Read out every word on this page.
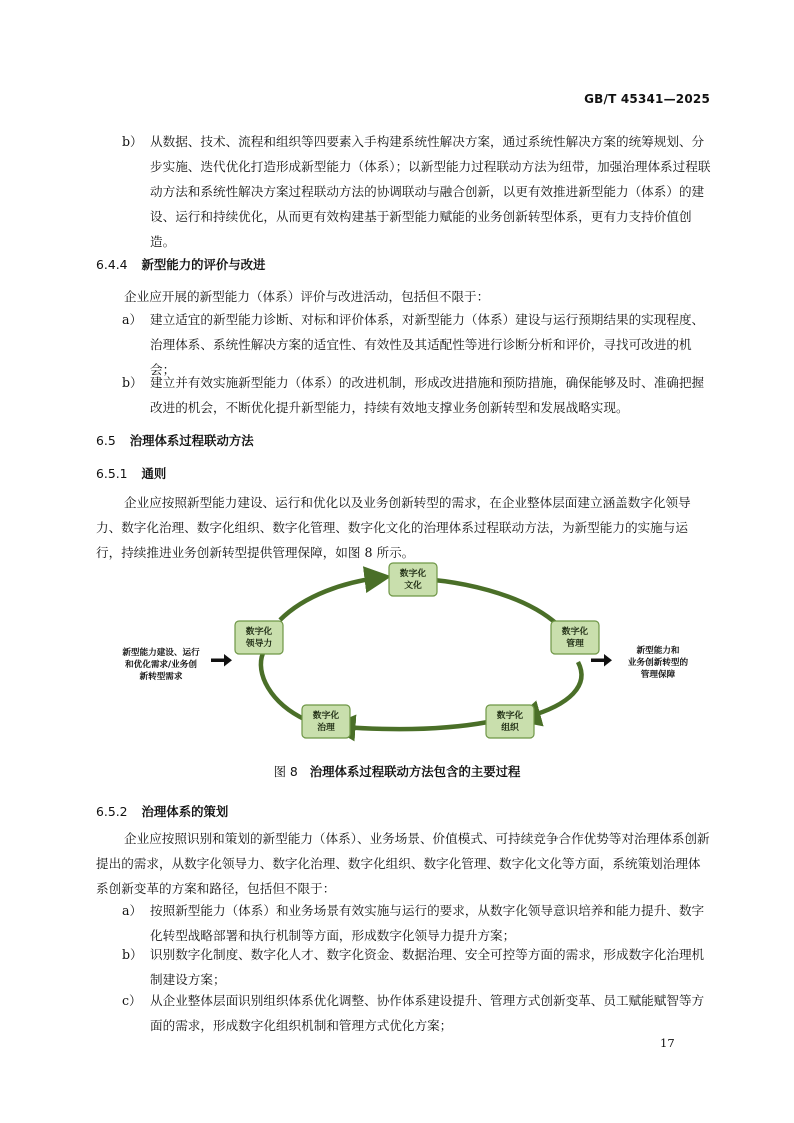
GB/T 45341—2025
b） 从数据、技术、流程和组织等四要素入手构建系统性解决方案，通过系统性解决方案的统筹规划、分步实施、迭代优化打造形成新型能力（体系）；以新型能力过程联动方法为纽带，加强治理体系过程联动方法和系统性解决方案过程联动方法的协调联动与融合创新，以更有效推进新型能力（体系）的建设、运行和持续优化，从而更有效构建基于新型能力赋能的业务创新转型体系，更有力支持价值创造。
6.4.4 新型能力的评价与改进
企业应开展的新型能力（体系）评价与改进活动，包括但不限于：
a） 建立适宜的新型能力诊断、对标和评价体系，对新型能力（体系）建设与运行预期结果的实现程度、治理体系、系统性解决方案的适宜性、有效性及其适配性等进行诊断分析和评价，寻找可改进的机会；
b） 建立并有效实施新型能力（体系）的改进机制，形成改进措施和预防措施，确保能够及时、准确把握改进的机会，不断优化提升新型能力，持续有效地支撑业务创新转型和发展战略实现。
6.5 治理体系过程联动方法
6.5.1 通则
企业应按照新型能力建设、运行和优化以及业务创新转型的需求，在企业整体层面建立涵盖数字化领导力、数字化治理、数字化组织、数字化管理、数字化文化的治理体系过程联动方法，为新型能力的实施与运行，持续推进业务创新转型提供管理保障，如图 8 所示。
数字化
文化
数字化
领导力
数字化
管理
数字化
治理
数字化
组织
新型能力建设、运行
和优化需求/业务创
新转型需求
新型能力和
业务创新转型的
管理保障
图 8 治理体系过程联动方法包含的主要过程
6.5.2 治理体系的策划
企业应按照识别和策划的新型能力（体系）、业务场景、价值模式、可持续竞争合作优势等对治理体系创新提出的需求，从数字化领导力、数字化治理、数字化组织、数字化管理、数字化文化等方面，系统策划治理体系创新变革的方案和路径，包括但不限于：
a） 按照新型能力（体系）和业务场景有效实施与运行的要求，从数字化领导意识培养和能力提升、数字化转型战略部署和执行机制等方面，形成数字化领导力提升方案；
b） 识别数字化制度、数字化人才、数字化资金、数据治理、安全可控等方面的需求，形成数字化治理机制建设方案；
c） 从企业整体层面识别组织体系优化调整、协作体系建设提升、管理方式创新变革、员工赋能赋智等方面的需求，形成数字化组织机制和管理方式优化方案；
17
